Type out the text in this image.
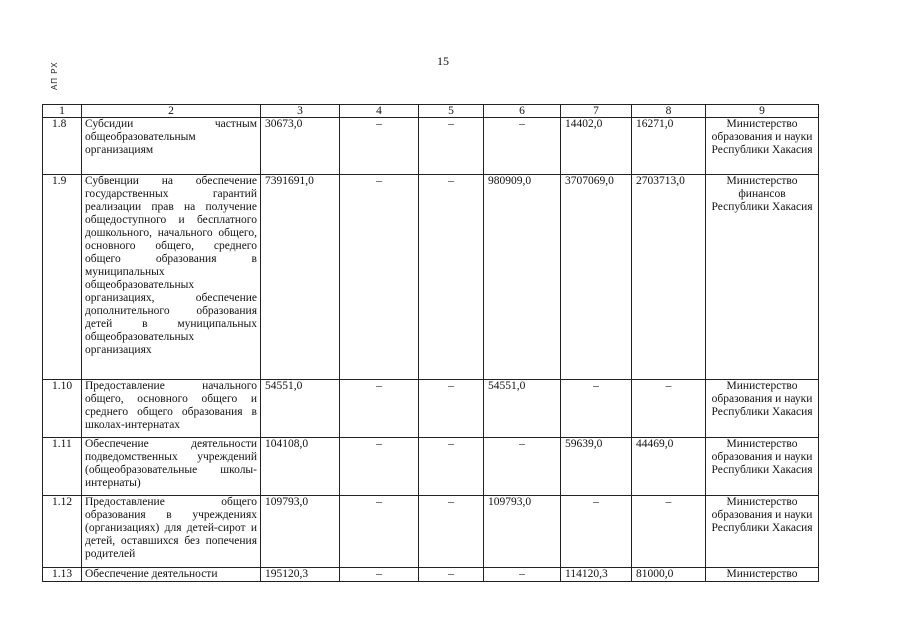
15
АП РХ
1	2	3	4	5	6	7	8	9
1.8	Субсидии частным общеобразовательным организациям	30673,0	–	–	–	14402,0	16271,0	Министерство образования и науки Республики Хакасия
1.9	Субвенции на обеспечение государственных гарантий реализации прав на получение общедоступного и бесплатного дошкольного, начального общего, основного общего, среднего общего образования в муниципальных общеобразовательных организациях, обеспечение дополнительного образования детей в муниципальных общеобразовательных организациях	7391691,0	–	–	980909,0	3707069,0	2703713,0	Министерство финансов Республики Хакасия
1.10	Предоставление начального общего, основного общего и среднего общего образования в школах-интернатах	54551,0	–	–	54551,0	–	–	Министерство образования и науки Республики Хакасия
1.11	Обеспечение деятельности подведомственных учреждений (общеобразовательные школы-интернаты)	104108,0	–	–	–	59639,0	44469,0	Министерство образования и науки Республики Хакасия
1.12	Предоставление общего образования в учреждениях (организациях) для детей-сирот и детей, оставшихся без попечения родителей	109793,0	–	–	109793,0	–	–	Министерство образования и науки Республики Хакасия
1.13	Обеспечение деятельности	195120,3	–	–	–	114120,3	81000,0	Министерство
